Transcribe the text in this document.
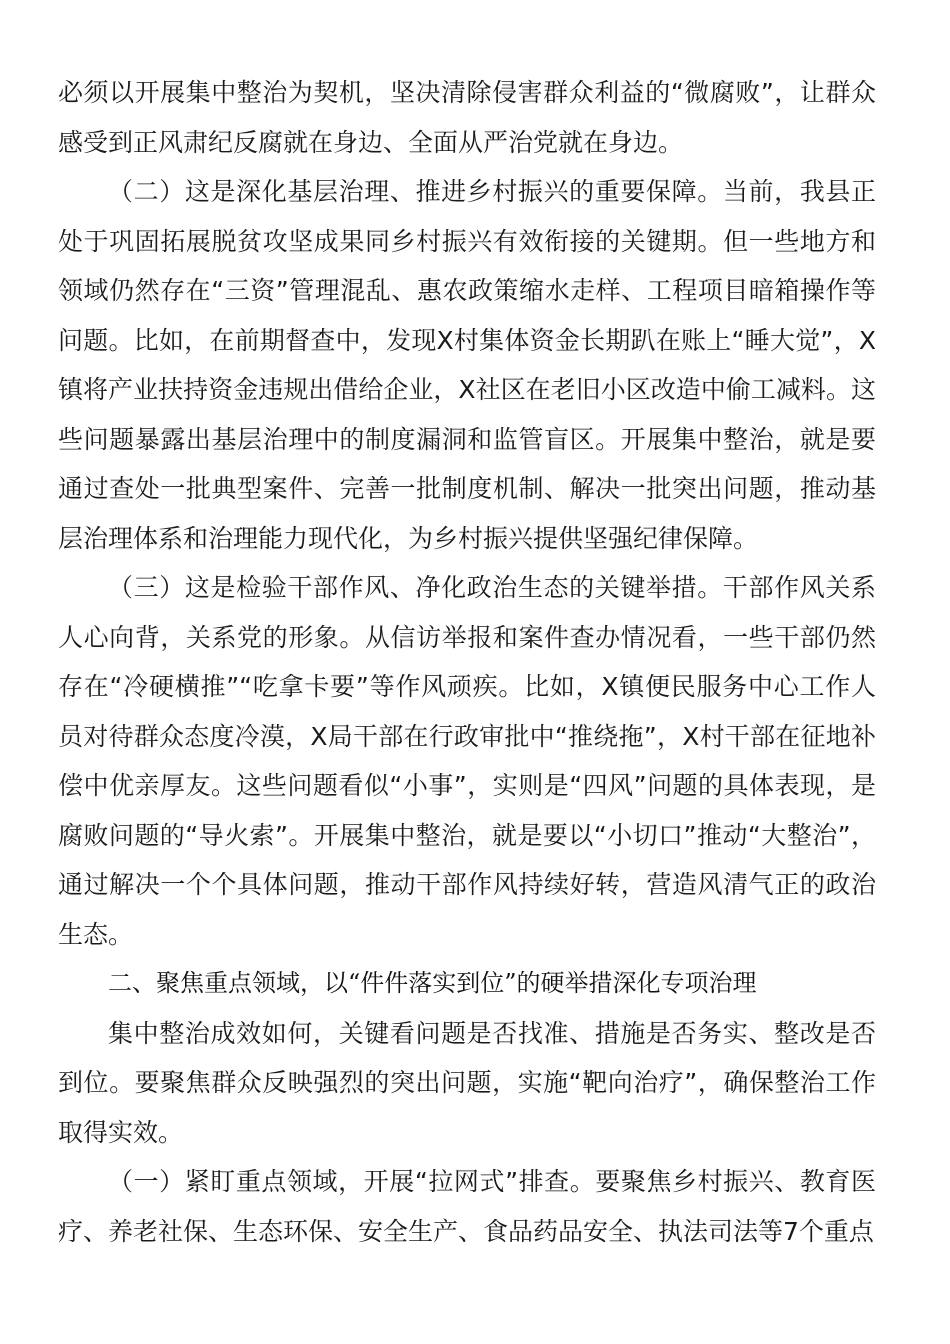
必须以开展集中整治为契机，坚决清除侵害群众利益的“微腐败”，让群众感受到正风肃纪反腐就在身边、全面从严治党就在身边。

（二）这是深化基层治理、推进乡村振兴的重要保障。当前，我县正处于巩固拓展脱贫攻坚成果同乡村振兴有效衔接的关键期。但一些地方和领域仍然存在“三资”管理混乱、惠农政策缩水走样、工程项目暗箱操作等问题。比如，在前期督查中，发现X村集体资金长期趴在账上“睡大觉”，X镇将产业扶持资金违规出借给企业，X社区在老旧小区改造中偷工减料。这些问题暴露出基层治理中的制度漏洞和监管盲区。开展集中整治，就是要通过查处一批典型案件、完善一批制度机制、解决一批突出问题，推动基层治理体系和治理能力现代化，为乡村振兴提供坚强纪律保障。

（三）这是检验干部作风、净化政治生态的关键举措。干部作风关系人心向背，关系党的形象。从信访举报和案件查办情况看，一些干部仍然存在“冷硬横推”“吃拿卡要”等作风顽疾。比如，X镇便民服务中心工作人员对待群众态度冷漠，X局干部在行政审批中“推绕拖”，X村干部在征地补偿中优亲厚友。这些问题看似“小事”，实则是“四风”问题的具体表现，是腐败问题的“导火索”。开展集中整治，就是要以“小切口”推动“大整治”，通过解决一个个具体问题，推动干部作风持续好转，营造风清气正的政治生态。

二、聚焦重点领域，以“件件落实到位”的硬举措深化专项治理

集中整治成效如何，关键看问题是否找准、措施是否务实、整改是否到位。要聚焦群众反映强烈的突出问题，实施“靶向治疗”，确保整治工作取得实效。

（一）紧盯重点领域，开展“拉网式”排查。要聚焦乡村振兴、教育医疗、养老社保、生态环保、安全生产、食品药品安全、执法司法等7个重点
